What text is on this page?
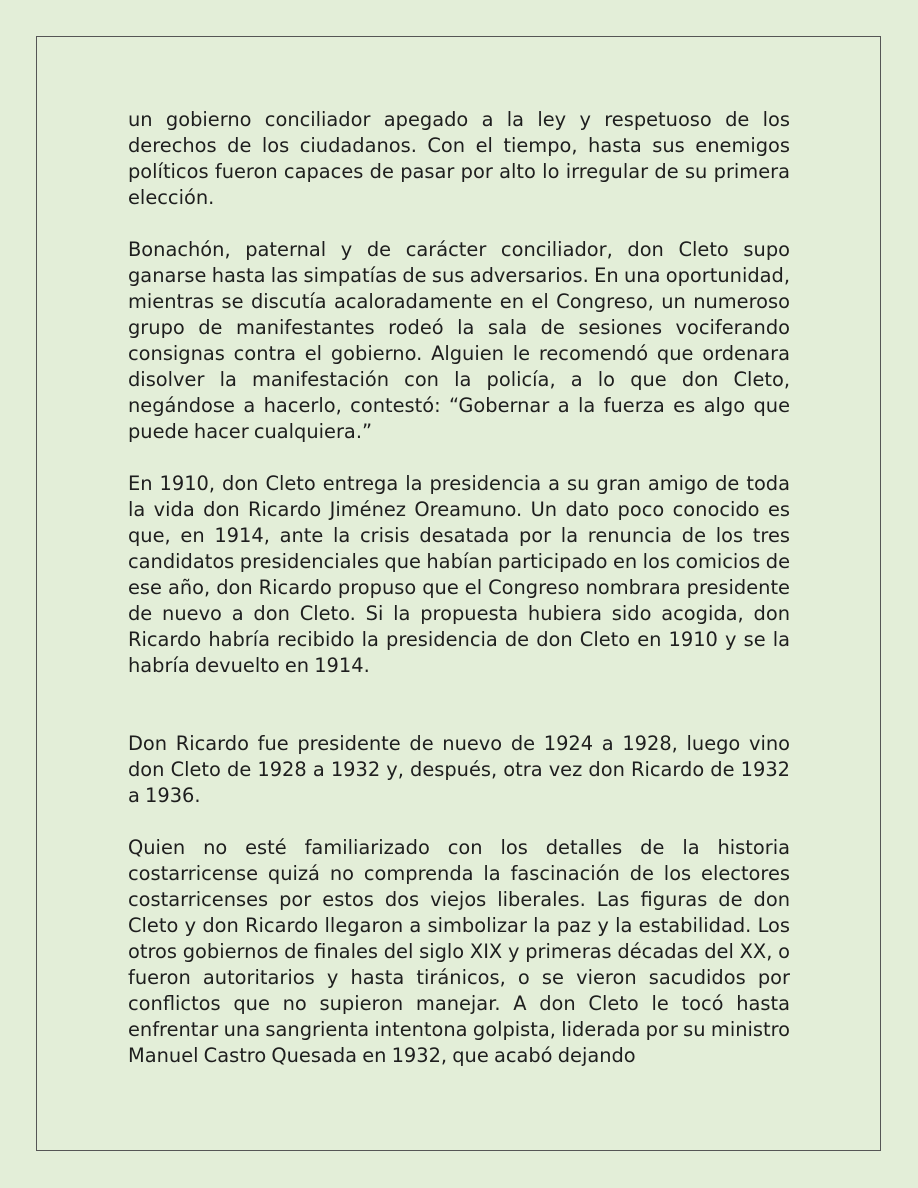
un gobierno conciliador apegado a la ley y respetuoso de los derechos de los ciudadanos. Con el tiempo, hasta sus enemigos políticos fueron capaces de pasar por alto lo irregular de su primera elección.

Bonachón, paternal y de carácter conciliador, don Cleto supo ganarse hasta las simpatías de sus adversarios. En una oportunidad, mientras se discutía acaloradamente en el Congreso, un numeroso grupo de manifestantes rodeó la sala de sesiones vociferando consignas contra el gobierno. Alguien le recomendó que ordenara disolver la manifestación con la policía, a lo que don Cleto, negándose a hacerlo, contestó: “Gobernar a la fuerza es algo que puede hacer cualquiera.”

En 1910, don Cleto entrega la presidencia a su gran amigo de toda la vida don Ricardo Jiménez Oreamuno. Un dato poco conocido es que, en 1914, ante la crisis desatada por la renuncia de los tres candidatos presidenciales que habían participado en los comicios de ese año, don Ricardo propuso que el Congreso nombrara presidente de nuevo a don Cleto. Si la propuesta hubiera sido acogida, don Ricardo habría recibido la presidencia de don Cleto en 1910 y se la habría devuelto en 1914.

Don Ricardo fue presidente de nuevo de 1924 a 1928, luego vino don Cleto de 1928 a 1932 y, después, otra vez don Ricardo de 1932 a 1936.

Quien no esté familiarizado con los detalles de la historia costarricense quizá no comprenda la fascinación de los electores costarricenses por estos dos viejos liberales. Las figuras de don Cleto y don Ricardo llegaron a simbolizar la paz y la estabilidad. Los otros gobiernos de finales del siglo XIX y primeras décadas del XX, o fueron autoritarios y hasta tiránicos, o se vieron sacudidos por conflictos que no supieron manejar. A don Cleto le tocó hasta enfrentar una sangrienta intentona golpista, liderada por su ministro Manuel Castro Quesada en 1932, que acabó dejando
